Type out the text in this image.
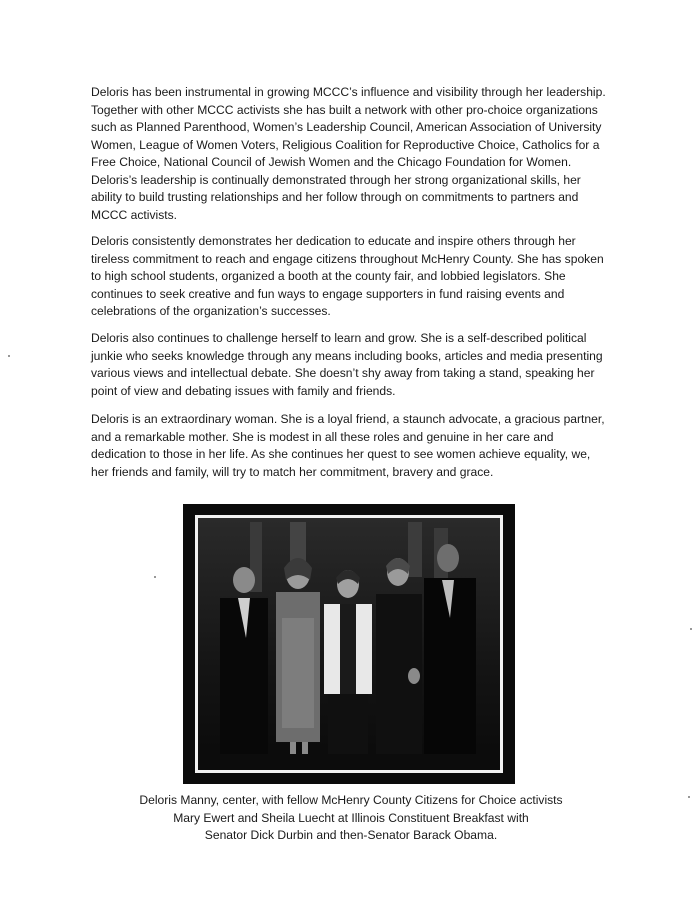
Deloris has been instrumental in growing MCCC’s influence and visibility through her leadership. Together with other MCCC activists she has built a network with other pro-choice organizations such as Planned Parenthood, Women’s Leadership Council, American Association of University Women, League of Women Voters, Religious Coalition for Reproductive Choice, Catholics for a Free Choice, National Council of Jewish Women and the Chicago Foundation for Women. Deloris’s leadership is continually demonstrated through her strong organizational skills, her ability to build trusting relationships and her follow through on commitments to partners and MCCC activists.

Deloris consistently demonstrates her dedication to educate and inspire others through her tireless commitment to reach and engage citizens throughout McHenry County. She has spoken to high school students, organized a booth at the county fair, and lobbied legislators. She continues to seek creative and fun ways to engage supporters in fund raising events and celebrations of the organization’s successes.

Deloris also continues to challenge herself to learn and grow. She is a self-described political junkie who seeks knowledge through any means including books, articles and media presenting various views and intellectual debate. She doesn’t shy away from taking a stand, speaking her point of view and debating issues with family and friends.

Deloris is an extraordinary woman. She is a loyal friend, a staunch advocate, a gracious partner, and a remarkable mother. She is modest in all these roles and genuine in her care and dedication to those in her life. As she continues her quest to see women achieve equality, we, her friends and family, will try to match her commitment, bravery and grace.

Deloris Manny, center, with fellow McHenry County Citizens for Choice activists
Mary Ewert and Sheila Luecht at Illinois Constituent Breakfast with
Senator Dick Durbin and then-Senator Barack Obama.
